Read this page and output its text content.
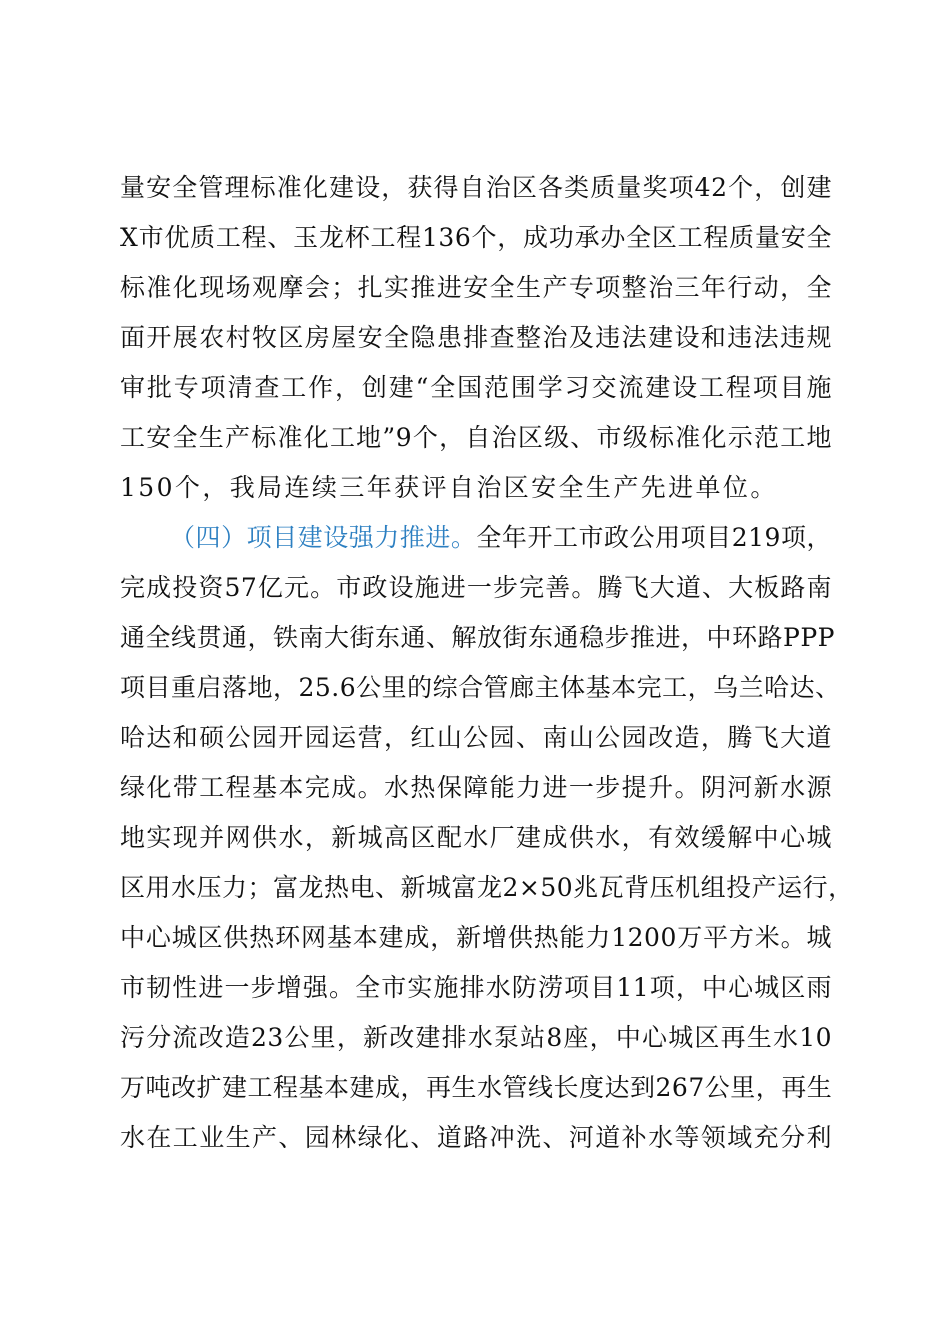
量安全管理标准化建设，获得自治区各类质量奖项42个，创建
X市优质工程、玉龙杯工程136个，成功承办全区工程质量安全
标准化现场观摩会；扎实推进安全生产专项整治三年行动，全
面开展农村牧区房屋安全隐患排查整治及违法建设和违法违规
审批专项清查工作，创建“全国范围学习交流建设工程项目施
工安全生产标准化工地”9个，自治区级、市级标准化示范工地
150个，我局连续三年获评自治区安全生产先进单位。
（四）项目建设强力推进。全年开工市政公用项目219项，
完成投资57亿元。市政设施进一步完善。腾飞大道、大板路南
通全线贯通，铁南大街东通、解放街东通稳步推进，中环路PPP
项目重启落地，25.6公里的综合管廊主体基本完工，乌兰哈达、
哈达和硕公园开园运营，红山公园、南山公园改造，腾飞大道
绿化带工程基本完成。水热保障能力进一步提升。阴河新水源
地实现并网供水，新城高区配水厂建成供水，有效缓解中心城
区用水压力；富龙热电、新城富龙2×50兆瓦背压机组投产运行，
中心城区供热环网基本建成，新增供热能力1200万平方米。城
市韧性进一步增强。全市实施排水防涝项目11项，中心城区雨
污分流改造23公里，新改建排水泵站8座，中心城区再生水10
万吨改扩建工程基本建成，再生水管线长度达到267公里，再生
水在工业生产、园林绿化、道路冲洗、河道补水等领域充分利
